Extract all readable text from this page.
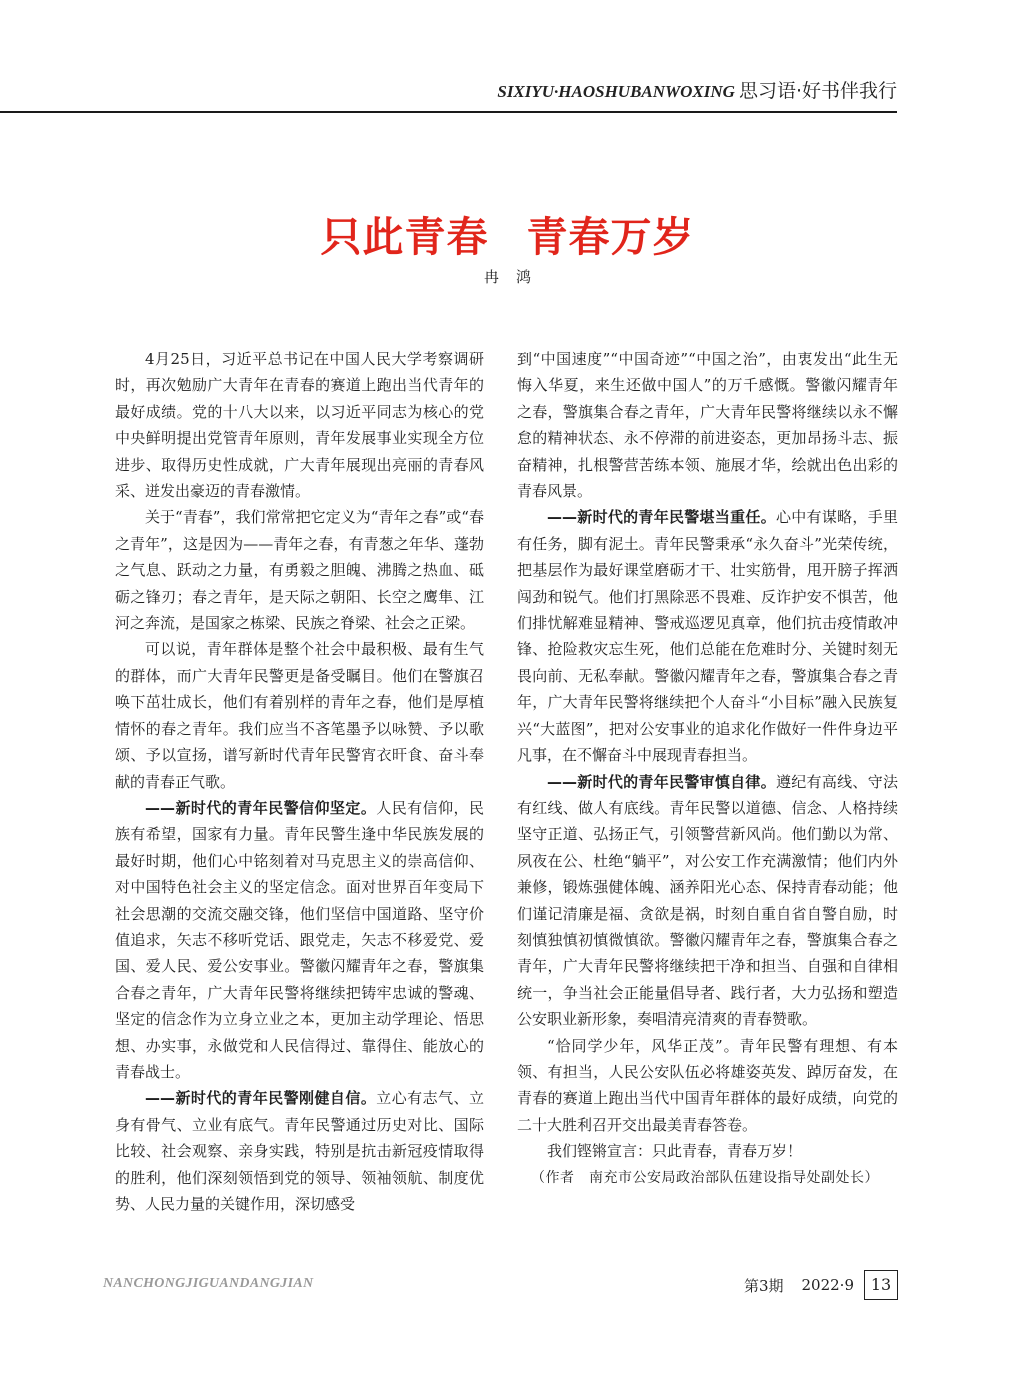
SIXIYU·HAOSHUBANWOXING 思习语·好书伴我行
只此青春 青春万岁
冉鸿

4月25日，习近平总书记在中国人民大学考察调研时，再次勉励广大青年在青春的赛道上跑出当代青年的最好成绩。党的十八大以来，以习近平同志为核心的党中央鲜明提出党管青年原则，青年发展事业实现全方位进步、取得历史性成就，广大青年展现出亮丽的青春风采、迸发出豪迈的青春激情。

关于“青春”，我们常常把它定义为“青年之春”或“春之青年”，这是因为——青年之春，有青葱之年华、蓬勃之气息、跃动之力量，有勇毅之胆魄、沸腾之热血、砥砺之锋刃；春之青年，是天际之朝阳、长空之鹰隼、江河之奔流，是国家之栋梁、民族之脊梁、社会之正梁。

可以说，青年群体是整个社会中最积极、最有生气的群体，而广大青年民警更是备受瞩目。他们在警旗召唤下茁壮成长，他们有着别样的青年之春，他们是厚植情怀的春之青年。我们应当不吝笔墨予以咏赞、予以歌颂、予以宣扬，谱写新时代青年民警宵衣旰食、奋斗奉献的青春正气歌。

——新时代的青年民警信仰坚定。人民有信仰，民族有希望，国家有力量。青年民警生逢中华民族发展的最好时期，他们心中铭刻着对马克思主义的崇高信仰、对中国特色社会主义的坚定信念。面对世界百年变局下社会思潮的交流交融交锋，他们坚信中国道路、坚守价值追求，矢志不移听党话、跟党走，矢志不移爱党、爱国、爱人民、爱公安事业。警徽闪耀青年之春，警旗集合春之青年，广大青年民警将继续把铸牢忠诚的警魂、坚定的信念作为立身立业之本，更加主动学理论、悟思想、办实事，永做党和人民信得过、靠得住、能放心的青春战士。

——新时代的青年民警刚健自信。立心有志气、立身有骨气、立业有底气。青年民警通过历史对比、国际比较、社会观察、亲身实践，特别是抗击新冠疫情取得的胜利，他们深刻领悟到党的领导、领袖领航、制度优势、人民力量的关键作用，深切感受

到“中国速度”“中国奇迹”“中国之治”，由衷发出“此生无悔入华夏，来生还做中国人”的万千感慨。警徽闪耀青年之春，警旗集合春之青年，广大青年民警将继续以永不懈怠的精神状态、永不停滞的前进姿态，更加昂扬斗志、振奋精神，扎根警营苦练本领、施展才华，绘就出色出彩的青春风景。

——新时代的青年民警堪当重任。心中有谋略，手里有任务，脚有泥土。青年民警秉承“永久奋斗”光荣传统，把基层作为最好课堂磨砺才干、壮实筋骨，甩开膀子挥洒闯劲和锐气。他们打黑除恶不畏难、反诈护安不惧苦，他们排忧解难显精神、警戒巡逻见真章，他们抗击疫情敢冲锋、抢险救灾忘生死，他们总能在危难时分、关键时刻无畏向前、无私奉献。警徽闪耀青年之春，警旗集合春之青年，广大青年民警将继续把个人奋斗“小目标”融入民族复兴“大蓝图”，把对公安事业的追求化作做好一件件身边平凡事，在不懈奋斗中展现青春担当。

——新时代的青年民警审慎自律。遵纪有高线、守法有红线、做人有底线。青年民警以道德、信念、人格持续坚守正道、弘扬正气，引领警营新风尚。他们勤以为常、夙夜在公、杜绝“躺平”，对公安工作充满激情；他们内外兼修，锻炼强健体魄、涵养阳光心态、保持青春动能；他们谨记清廉是福、贪欲是祸，时刻自重自省自警自励，时刻慎独慎初慎微慎欲。警徽闪耀青年之春，警旗集合春之青年，广大青年民警将继续把干净和担当、自强和自律相统一，争当社会正能量倡导者、践行者，大力弘扬和塑造公安职业新形象，奏唱清亮清爽的青春赞歌。

“恰同学少年，风华正茂”。青年民警有理想、有本领、有担当，人民公安队伍必将雄姿英发、踔厉奋发，在青春的赛道上跑出当代中国青年群体的最好成绩，向党的二十大胜利召开交出最美青春答卷。

我们铿锵宣言：只此青春，青春万岁！

（作者　南充市公安局政治部队伍建设指导处副处长）

NANCHONGJIGUANDANGJIAN	第3期 2022·9	13
